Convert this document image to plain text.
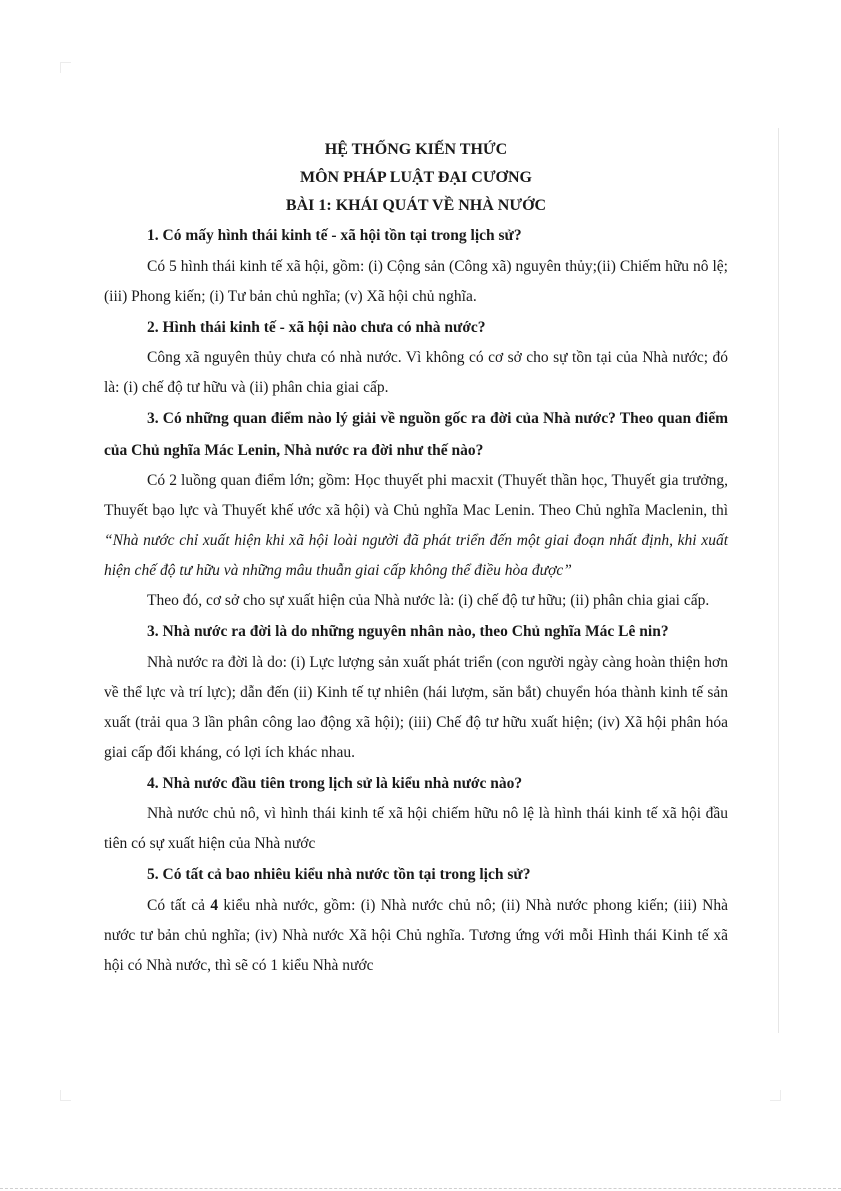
HỆ THỐNG KIẾN THỨC

MÔN PHÁP LUẬT ĐẠI CƯƠNG

BÀI 1: KHÁI QUÁT VỀ NHÀ NƯỚC

1. Có mấy hình thái kinh tế - xã hội tồn tại trong lịch sử?

Có 5 hình thái kinh tế xã hội, gồm: (i) Cộng sản (Công xã) nguyên thủy;(ii) Chiếm hữu nô lệ; (iii) Phong kiến; (i) Tư bản chủ nghĩa; (v) Xã hội chủ nghĩa.

2. Hình thái kinh tế - xã hội nào chưa có nhà nước?

Công xã nguyên thủy chưa có nhà nước. Vì không có cơ sở cho sự tồn tại của Nhà nước; đó là: (i) chế độ tư hữu và (ii) phân chia giai cấp.

3. Có những quan điểm nào lý giải về nguồn gốc ra đời của Nhà nước? Theo quan điểm của Chủ nghĩa Mác Lenin, Nhà nước ra đời như thế nào?

Có 2 luồng quan điểm lớn; gồm: Học thuyết phi macxit (Thuyết thần học, Thuyết gia trưởng, Thuyết bạo lực và Thuyết khế ước xã hội) và Chủ nghĩa Mac Lenin. Theo Chủ nghĩa Maclenin, thì “Nhà nước chỉ xuất hiện khi xã hội loài người đã phát triển đến một giai đoạn nhất định, khi xuất hiện chế độ tư hữu và những mâu thuẫn giai cấp không thể điều hòa được”

Theo đó, cơ sở cho sự xuất hiện của Nhà nước là: (i) chế độ tư hữu; (ii) phân chia giai cấp.

3. Nhà nước ra đời là do những nguyên nhân nào, theo Chủ nghĩa Mác Lê nin?

Nhà nước ra đời là do: (i) Lực lượng sản xuất phát triển (con người ngày càng hoàn thiện hơn về thể lực và trí lực); dẫn đến (ii) Kinh tế tự nhiên (hái lượm, săn bắt) chuyển hóa thành kinh tế sản xuất (trải qua 3 lần phân công lao động xã hội); (iii) Chế độ tư hữu xuất hiện; (iv) Xã hội phân hóa giai cấp đối kháng, có lợi ích khác nhau.

4. Nhà nước đầu tiên trong lịch sử là kiểu nhà nước nào?

Nhà nước chủ nô, vì hình thái kinh tế xã hội chiếm hữu nô lệ là hình thái kinh tế xã hội đầu tiên có sự xuất hiện của Nhà nước

5. Có tất cả bao nhiêu kiểu nhà nước tồn tại trong lịch sử?

Có tất cả 4 kiểu nhà nước, gồm: (i) Nhà nước chủ nô; (ii) Nhà nước phong kiến; (iii) Nhà nước tư bản chủ nghĩa; (iv) Nhà nước Xã hội Chủ nghĩa. Tương ứng với mỗi Hình thái Kinh tế xã hội có Nhà nước, thì sẽ có 1 kiểu Nhà nước
